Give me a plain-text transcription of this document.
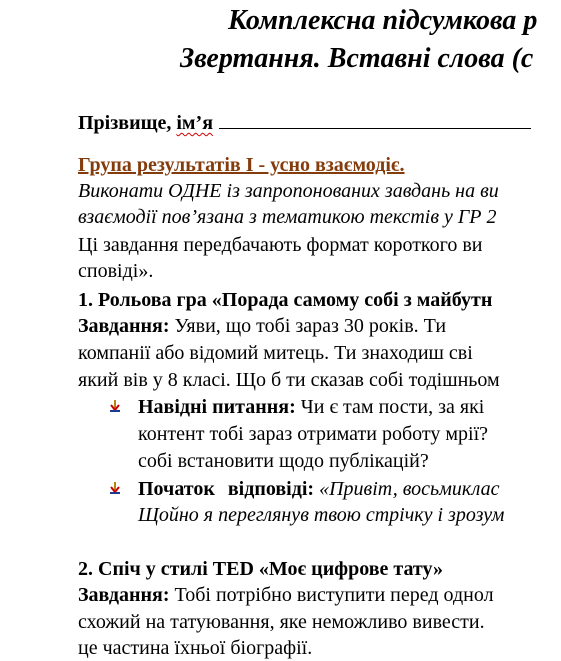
Комплексна підсумкова р
Звертання. Вставні слова (с
Прізвище, ім’я
Група результатів І - усно взаємодіє.
Виконати ОДНЕ із запропонованих завдань на ви
взаємодії пов’язана з тематикою текстів у ГР 2
Ці завдання передбачають формат короткого ви
сповіді».
1. Рольова гра «Порада самому собі з майбутн
Завдання: Уяви, що тобі зараз 30 років. Ти
компанії або відомий митець. Ти знаходиш сві
який вів у 8 класі. Що б ти сказав собі тодішньом
Навідні питання: Чи є там пости, за які
контент тобі зараз отримати роботу мрії?
собі встановити щодо публікацій?
Початок відповіді: «Привіт, восьмиклас
Щойно я переглянув твою стрічку і зрозум
2. Спіч у стилі TED «Моє цифрове тату»
Завдання: Тобі потрібно виступити перед однол
схожий на татуювання, яке неможливо вивести.
це частина їхньої біографії.
